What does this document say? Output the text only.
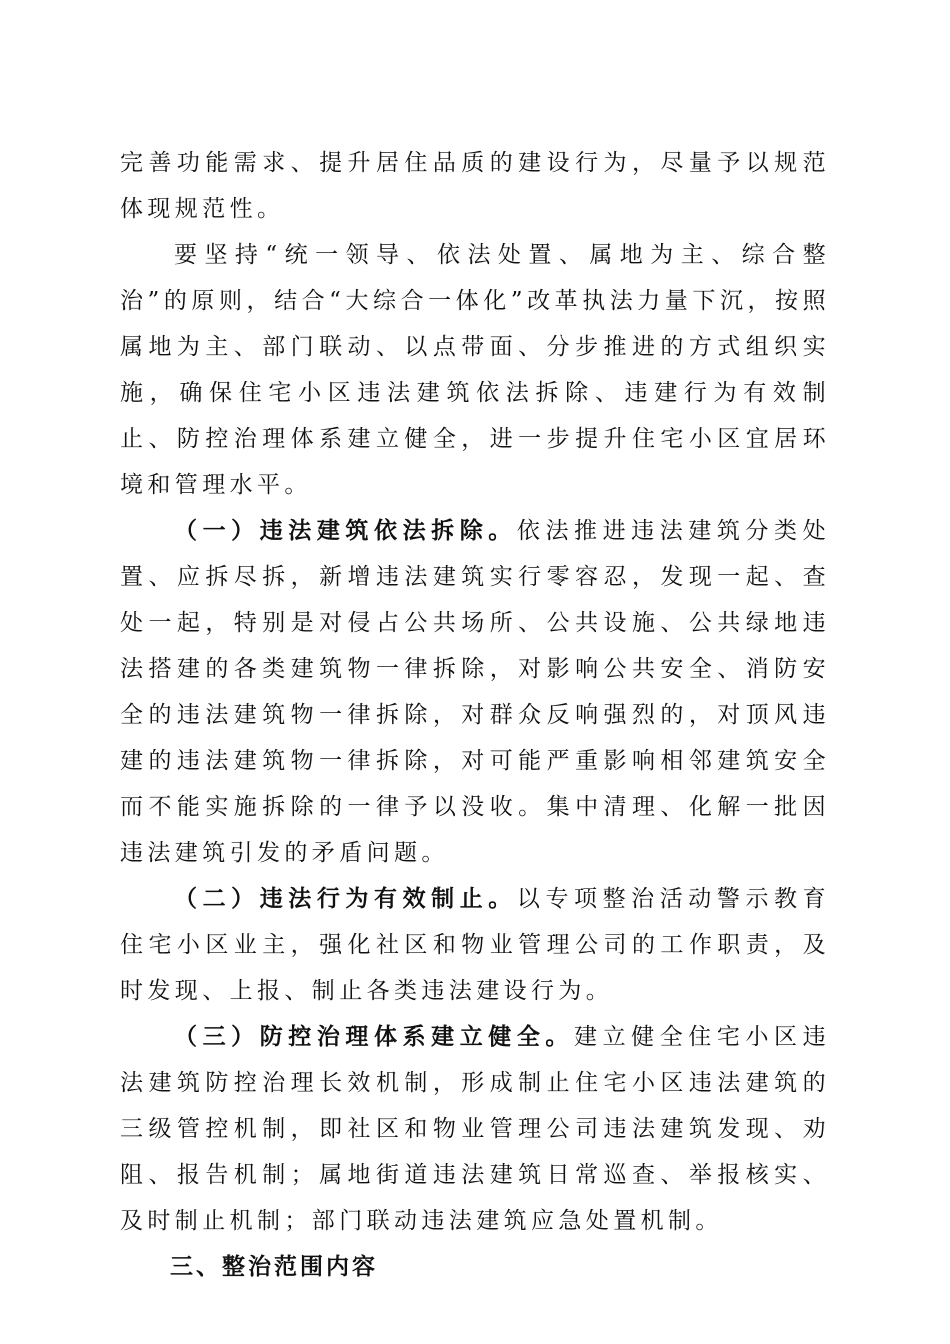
完善功能需求、提升居住品质的建设行为，尽量予以规范体现规范性。

要坚持“统一领导、依法处置、属地为主、综合整治”的原则，结合“大综合一体化”改革执法力量下沉，按照属地为主、部门联动、以点带面、分步推进的方式组织实施，确保住宅小区违法建筑依法拆除、违建行为有效制止、防控治理体系建立健全，进一步提升住宅小区宜居环境和管理水平。

（一）违法建筑依法拆除。依法推进违法建筑分类处置、应拆尽拆，新增违法建筑实行零容忍，发现一起、查处一起，特别是对侵占公共场所、公共设施、公共绿地违法搭建的各类建筑物一律拆除，对影响公共安全、消防安全的违法建筑物一律拆除，对群众反响强烈的，对顶风违建的违法建筑物一律拆除，对可能严重影响相邻建筑安全而不能实施拆除的一律予以没收。集中清理、化解一批因违法建筑引发的矛盾问题。

（二）违法行为有效制止。以专项整治活动警示教育住宅小区业主，强化社区和物业管理公司的工作职责，及时发现、上报、制止各类违法建设行为。

（三）防控治理体系建立健全。建立健全住宅小区违法建筑防控治理长效机制，形成制止住宅小区违法建筑的三级管控机制，即社区和物业管理公司违法建筑发现、劝阻、报告机制；属地街道违法建筑日常巡查、举报核实、及时制止机制；部门联动违法建筑应急处置机制。

三、整治范围内容
